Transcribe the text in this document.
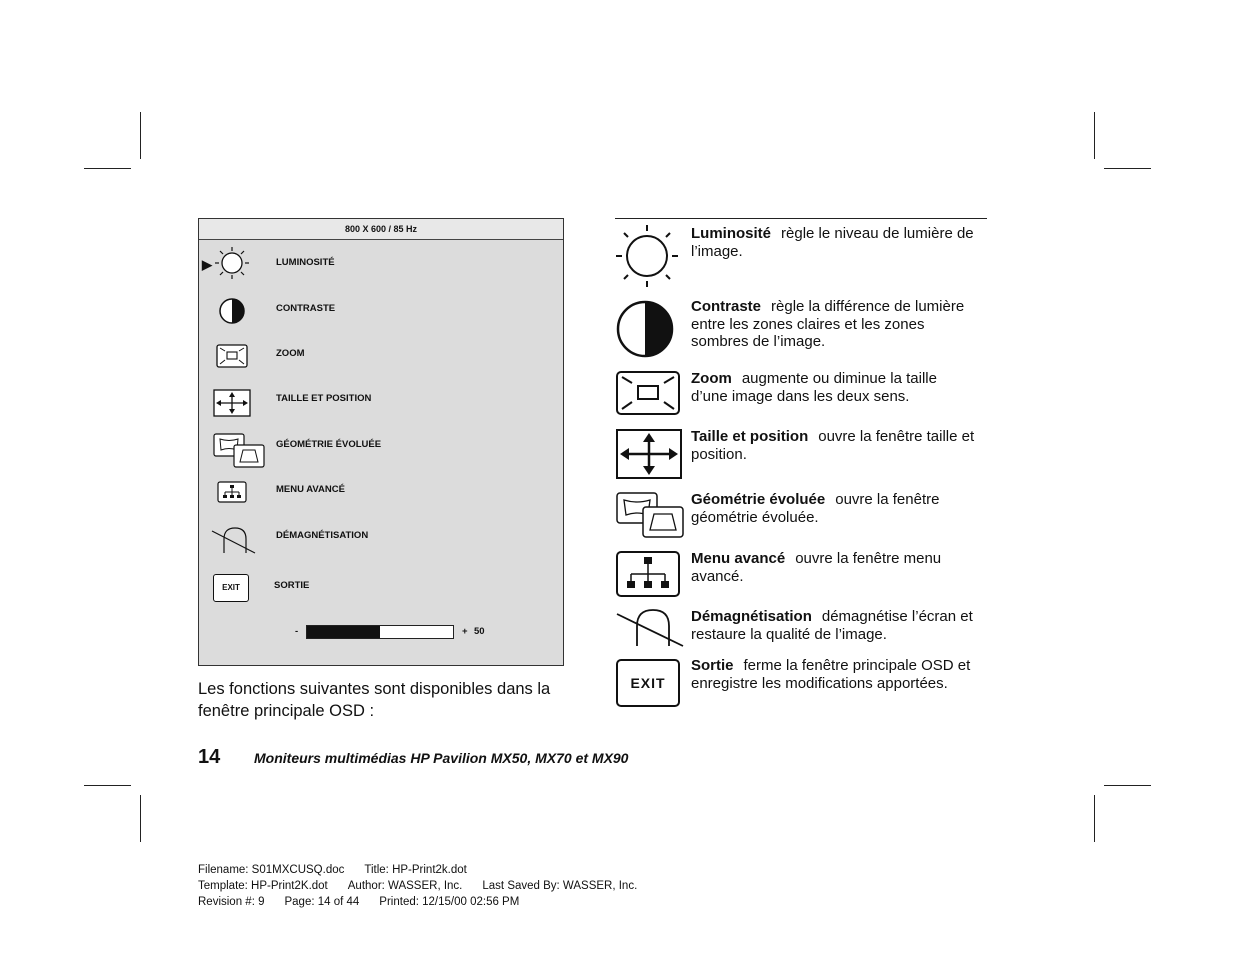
800 X 600 / 85 Hz
▶	LUMINOSITÉ
CONTRASTE
ZOOM
TAILLE ET POSITION
GÉOMÉTRIE ÉVOLUÉE
MENU AVANCÉ
DÉMAGNÉTISATION
EXIT	SORTIE
-	+ 50
Les fonctions suivantes sont disponibles dans la fenêtre principale OSD :
Luminosité règle le niveau de lumière de l’image.
Contraste règle la différence de lumière entre les zones claires et les zones sombres de l’image.
Zoom augmente ou diminue la taille d’une image dans les deux sens.
Taille et position ouvre la fenêtre taille et position.
Géométrie évoluée ouvre la fenêtre géométrie évoluée.
Menu avancé ouvre la fenêtre menu avancé.
Démagnétisation démagnétise l’écran et restaure la qualité de l’image.
EXIT
Sortie ferme la fenêtre principale OSD et enregistre les modifications apportées.
14 Moniteurs multimédias HP Pavilion MX50, MX70 et MX90
Filename: S01MXCUSQ.doc Title: HP-Print2k.dot
Template: HP-Print2K.dot Author: WASSER, Inc. Last Saved By: WASSER, Inc.
Revision #: 9 Page: 14 of 44 Printed: 12/15/00 02:56 PM
